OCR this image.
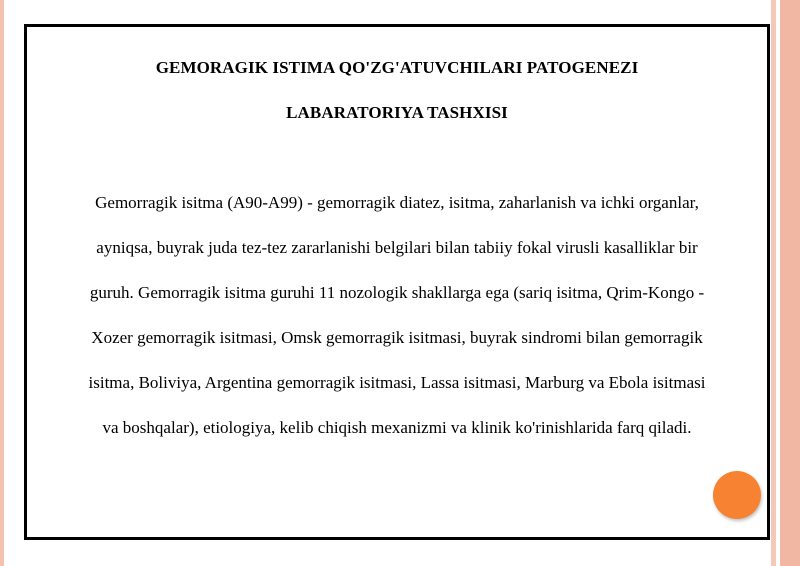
GEMORAGIK ISTIMA QO'ZG'ATUVCHILARI PATOGENEZI
LABARATORIYA TASHXISI

Gemorragik isitma (A90-A99) - gemorragik diatez, isitma, zaharlanish va ichki organlar,
ayniqsa, buyrak juda tez-tez zararlanishi belgilari bilan tabiiy fokal virusli kasalliklar bir
guruh. Gemorragik isitma guruhi 11 nozologik shakllarga ega (sariq isitma, Qrim-Kongo -
Xozer gemorragik isitmasi, Omsk gemorragik isitmasi, buyrak sindromi bilan gemorragik
isitma, Boliviya, Argentina gemorragik isitmasi, Lassa isitmasi, Marburg va Ebola isitmasi
va boshqalar), etiologiya, kelib chiqish mexanizmi va klinik ko'rinishlarida farq qiladi.
